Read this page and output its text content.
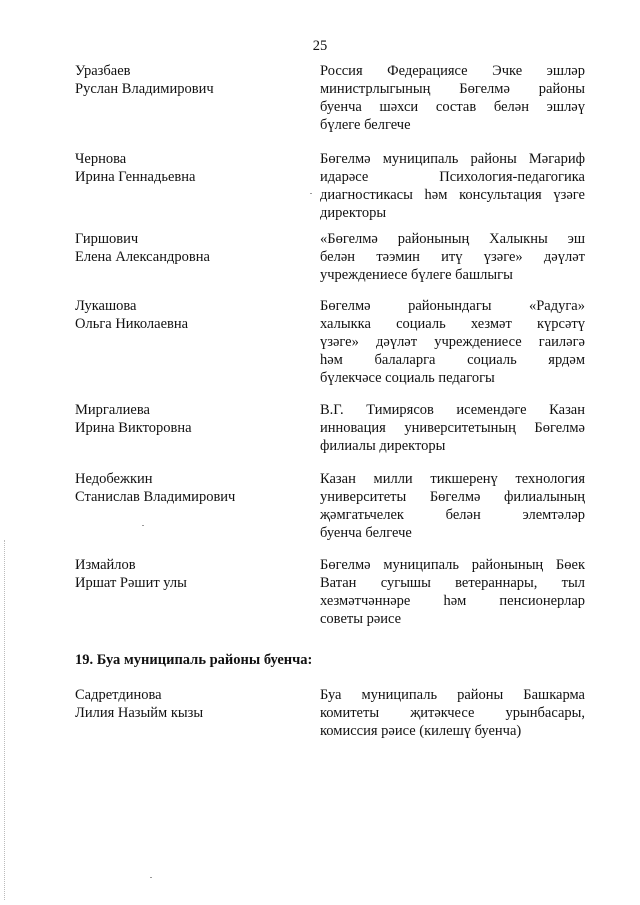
25
Уразбаев
Руслан Владимирович
Россия Федерациясе Эчке эшләр
министрлыгының Бөгелмә районы
буенча шәхси состав белән эшләү
бүлеге белгече
Чернова
Ирина Геннадьевна
Бөгелмә муниципаль районы Мәгариф
идарәсе Психология-педагогика
диагностикасы һәм консультация үзәге
директоры
Гиршович
Елена Александровна
«Бөгелмә районының Халыкны эш
белән тәэмин итү үзәге» дәүләт
учреждениесе бүлеге башлыгы
Лукашова
Ольга Николаевна
Бөгелмә районындагы «Радуга»
халыкка социаль хезмәт күрсәтү
үзәге» дәүләт учреждениесе гаиләгә
һәм балаларга социаль ярдәм
бүлекчәсе социаль педагогы
Миргалиева
Ирина Викторовна
В.Г. Тимирясов исемендәге Казан
инновация университетының Бөгелмә
филиалы директоры
Недобежкин
Станислав Владимирович
Казан милли тикшеренү технология
университеты Бөгелмә филиалының
җәмгатьчелек белән элемтәләр
буенча белгече
Измайлов
Иршат Рәшит улы
Бөгелмә муниципаль районының Бөек
Ватан сугышы ветераннары, тыл
хезмәтчәннәре һәм пенсионерлар
советы рәисе
19. Буа муниципаль районы буенча:
Садретдинова
Лилия Назыйм кызы
Буа муниципаль районы Башкарма
комитеты җитәкчесе урынбасары,
комиссия рәисе (килешү буенча)
